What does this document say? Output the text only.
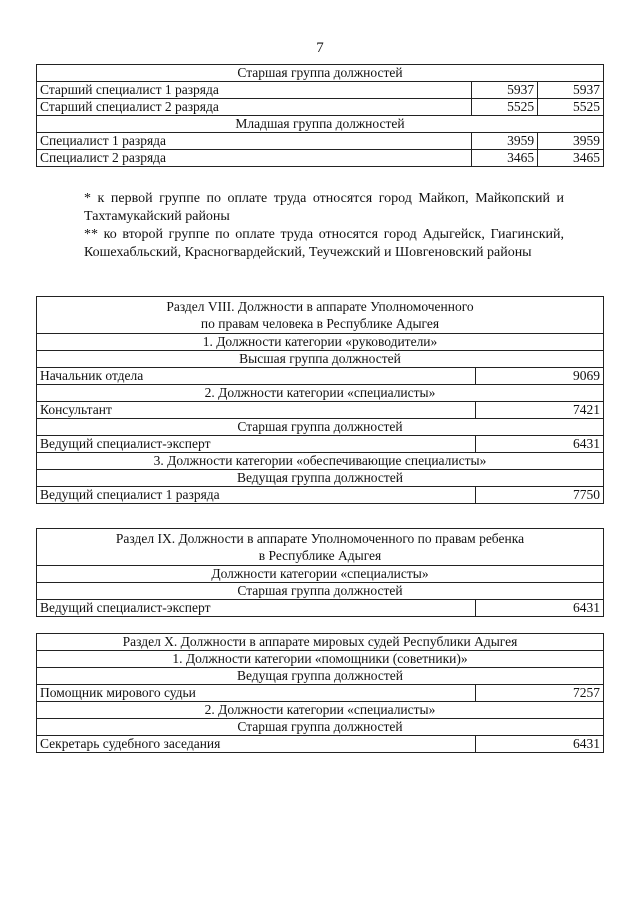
7
Старшая группа должностей		
Старший специалист 1 разряда	5937	5937
Старший специалист 2 разряда	5525	5525
Младшая группа должностей		
Специалист 1 разряда	3959	3959
Специалист 2 разряда	3465	3465

* к первой группе по оплате труда относятся город Майкоп, Майкопский и Тахтамукайский районы

** ко второй группе по оплате труда относятся город Адыгейск, Гиагинский, Кошехабльский, Красногвардейский, Теучежский и Шовгеновский районы

Раздел VIII. Должности в аппарате Уполномоченного
по правам человека в Республике Адыгея	

1. Должности категории «руководители»	
Высшая группа должностей	
Начальник отдела	9069
2. Должности категории «специалисты»	
Консультант	7421
Старшая группа должностей	
Ведущий специалист-эксперт	6431
3. Должности категории «обеспечивающие специалисты»	
Ведущая группа должностей	
Ведущий специалист 1 разряда	7750
Раздел IX. Должности в аппарате Уполномоченного по правам ребенка
в Республике Адыгея

Должности категории «специалисты»
Старшая группа должностей
Ведущий специалист-эксперт	6431
Раздел X. Должности в аппарате мировых судей Республики Адыгея	
1. Должности категории «помощники (советники)»	
Ведущая группа должностей	
Помощник мирового судьи	7257
2. Должности категории «специалисты»	
Старшая группа должностей	
Секретарь судебного заседания	6431
